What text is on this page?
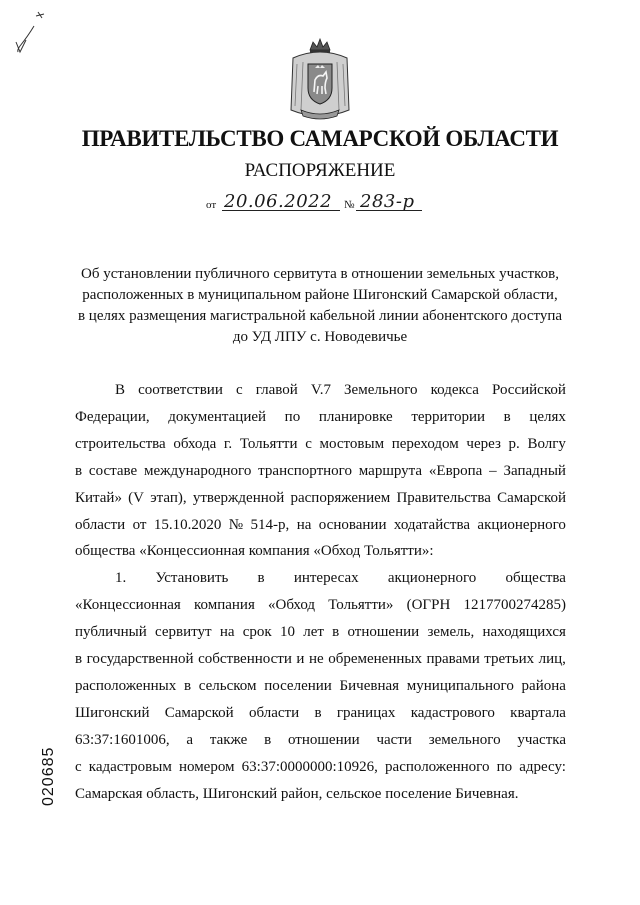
ПРАВИТЕЛЬСТВО САМАРСКОЙ ОБЛАСТИ
РАСПОРЯЖЕНИЕ
от 20.06.2022 № 283-р
Об установлении публичного сервитута в отношении земельных участков,
расположенных в муниципальном районе Шигонский Самарской области,
в целях размещения магистральной кабельной линии абонентского доступа
до УД ЛПУ с. Новодевичье
В соответствии с главой V.7 Земельного кодекса Российской
Федерации, документацией по планировке территории в целях
строительства обхода г. Тольятти с мостовым переходом через р. Волгу
в составе международного транспортного маршрута «Европа – Западный
Китай» (V этап), утвержденной распоряжением Правительства Самарской
области от 15.10.2020 № 514-р, на основании ходатайства акционерного
общества «Концессионная компания «Обход Тольятти»:
1. Установить в интересах акционерного общества
«Концессионная компания «Обход Тольятти» (ОГРН 1217700274285)
публичный сервитут на срок 10 лет в отношении земель, находящихся
в государственной собственности и не обремененных правами третьих лиц,
расположенных в сельском поселении Бичевная муниципального района
Шигонский Самарской области в границах кадастрового квартала
63:37:1601006, а также в отношении части земельного участка
с кадастровым номером 63:37:0000000:10926, расположенного по адресу:
Самарская область, Шигонский район, сельское поселение Бичевная.
020685
